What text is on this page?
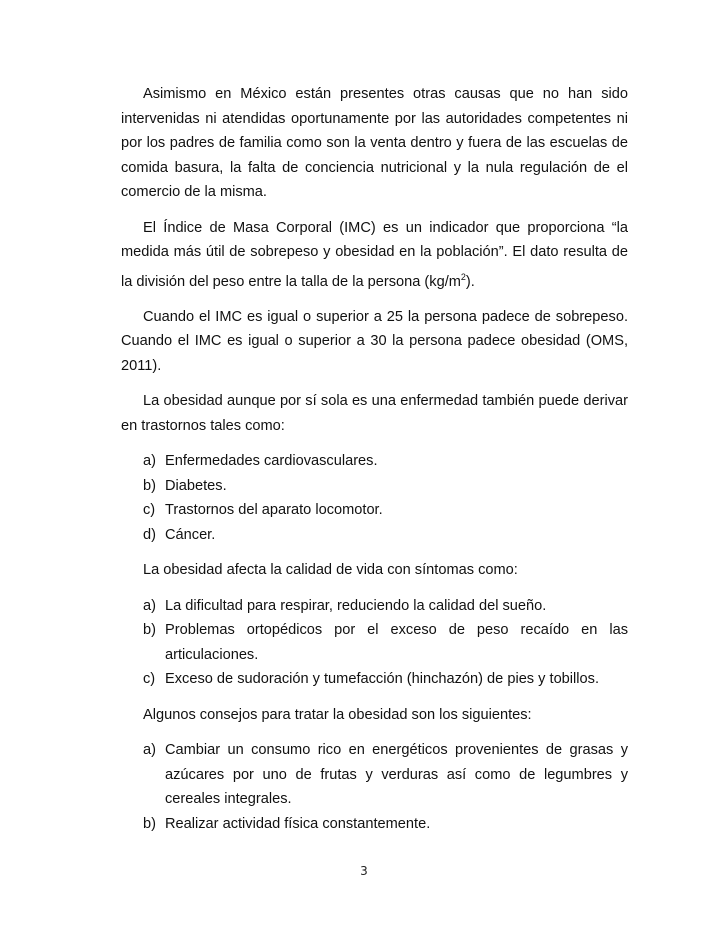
Asimismo en México están presentes otras causas que no han sido intervenidas ni atendidas oportunamente por las autoridades competentes ni por los padres de familia como son la venta dentro y fuera de las escuelas de comida basura, la falta de conciencia nutricional y la nula regulación de el comercio de la misma.

El Índice de Masa Corporal (IMC) es un indicador que proporciona “la medida más útil de sobrepeso y obesidad en la población”. El dato resulta de la división del peso entre la talla de la persona $(kg/m^2)$.

Cuando el IMC es igual o superior a 25 la persona padece de sobrepeso. Cuando el IMC es igual o superior a 30 la persona padece obesidad (OMS, 2011).

La obesidad aunque por sí sola es una enfermedad también puede derivar en trastornos tales como:

a) Enfermedades cardiovasculares.
b) Diabetes.
c) Trastornos del aparato locomotor.
d) Cáncer.

La obesidad afecta la calidad de vida con síntomas como:

a) La dificultad para respirar, reduciendo la calidad del sueño.
b) Problemas ortopédicos por el exceso de peso recaído en las articulaciones.
c) Exceso de sudoración y tumefacción (hinchazón) de pies y tobillos.

Algunos consejos para tratar la obesidad son los siguientes:

a) Cambiar un consumo rico en energéticos provenientes de grasas y azúcares por uno de frutas y verduras así como de legumbres y cereales integrales.
b) Realizar actividad física constantemente.
3
